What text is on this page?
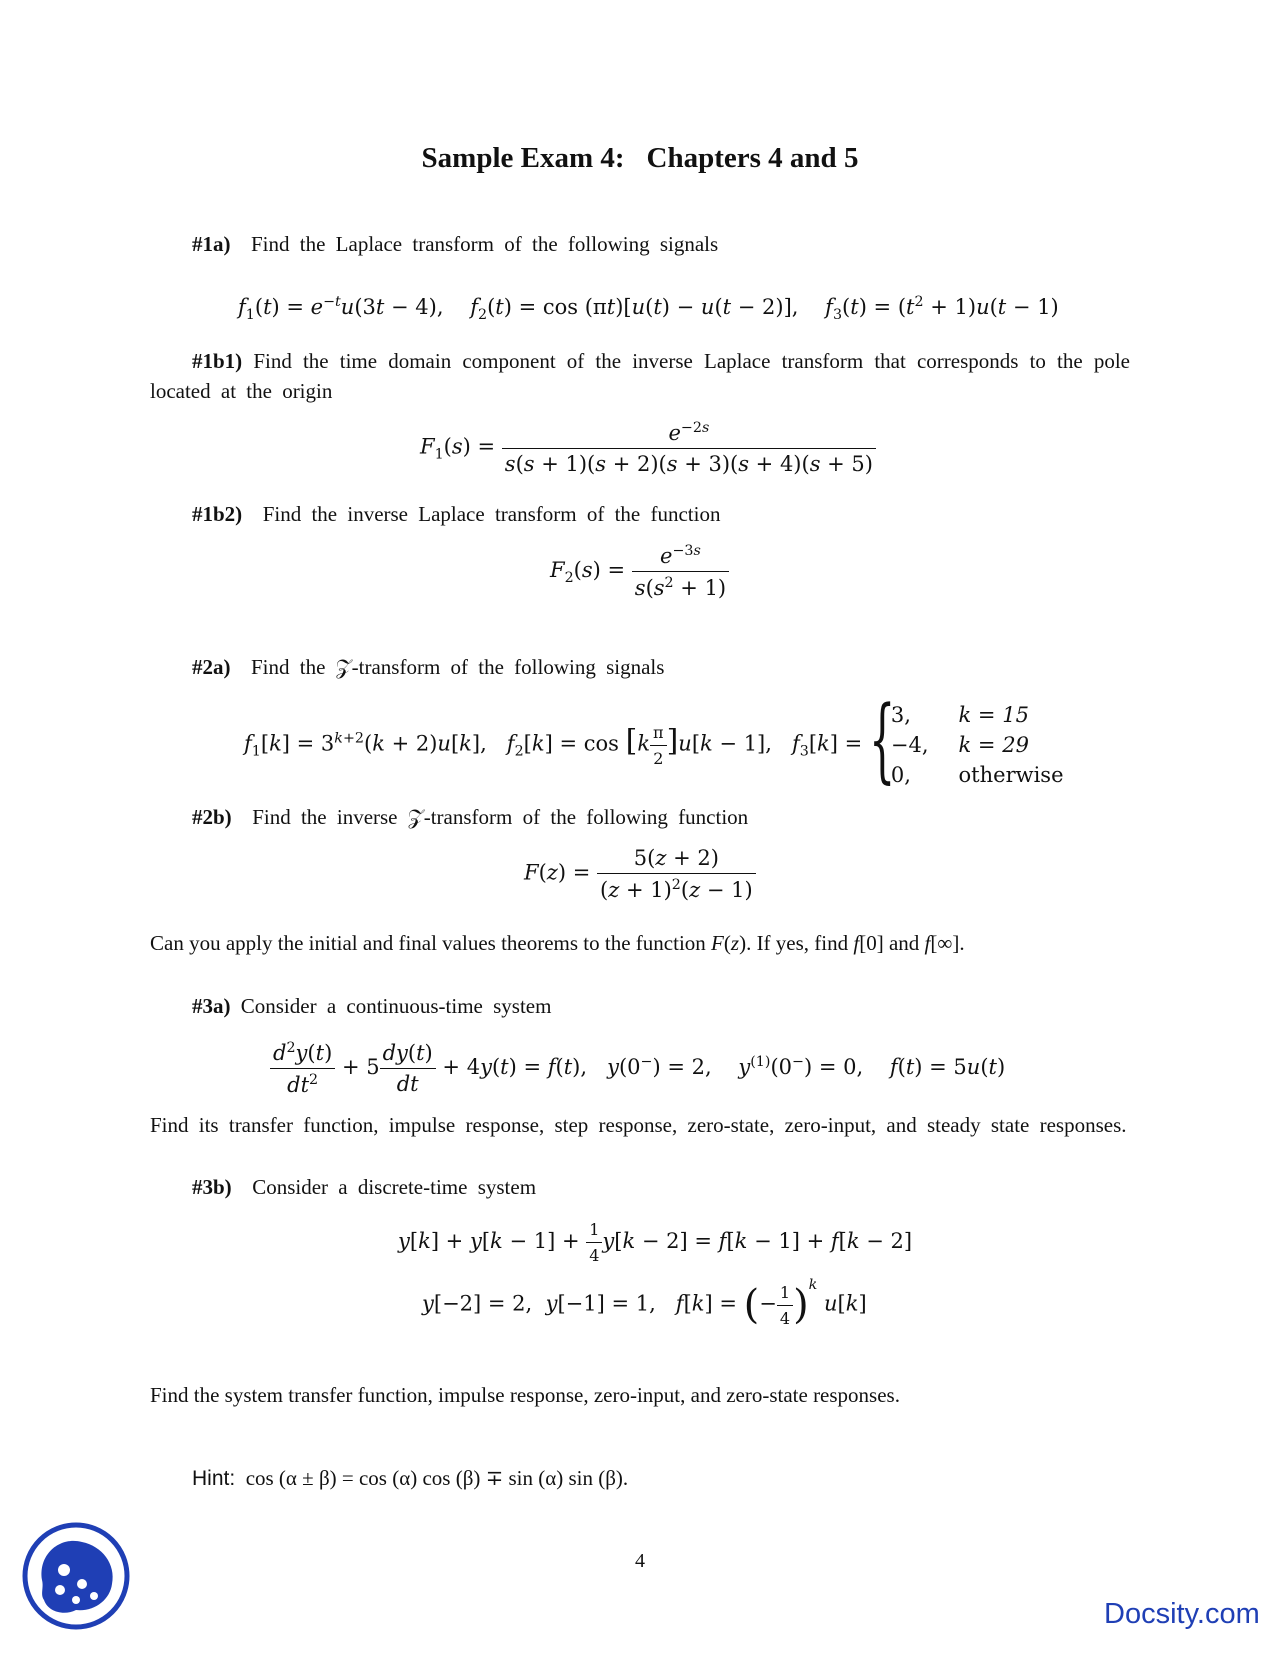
Sample Exam 4: Chapters 4 and 5
#1a) Find the Laplace transform of the following signals
$f_1(t) = e^{-t}u(3t - 4)$,    $f_2(t) = \cos (\pi t)[u(t) - u(t - 2)]$,    $f_3(t) = (t^2 + 1)u(t - 1)$
#1b1) Find the time domain component of the inverse Laplace transform that corresponds to the pole located at the origin
$F_1(s) = \frac{e^{-2s}}{s(s + 1)(s + 2)(s + 3)(s + 4)(s + 5)}$
#1b2) Find the inverse Laplace transform of the function
$F_2(s) = \frac{e^{-3s}}{s(s^2 + 1)}$
#2a) Find the 𝒵-transform of the following signals
$f_1[k] = 3^{k+2}(k + 2)u[k]$,   $f_2[k] = \cos [k \frac{\pi}{2} ]u[k - 1]$,   $f_3[k]$ = {
3,	k = 15
−4,	k = 29
0,	otherwise
#2b) Find the inverse 𝒵-transform of the following function
$F(z) = \frac{5(z + 2)}{(z + 1)^2(z - 1)}$
Can you apply the initial and final values theorems to the function F(z). If yes, find f[0] and f[∞].
#3a) Consider a continuous-time system
$\frac{d^2y(t)}{dt^2} + 5 \frac{dy(t)}{dt} + 4y(t) = f(t)$,   y(0−) = 2,    $y^{(1)}(0^-) = 0$,    f(t) = 5u(t)
Find its transfer function, impulse response, step response, zero-state, zero-input, and steady state responses.
#3b) Consider a discrete-time system
$y[k] + y[k - 1] + \frac{1}{4} y[k - 2] = f[k - 1] + f[k - 2]$
y[−2] = 2,  y[−1] = 1,   f[k] = (− $\frac{1}{4} )^k$ u[k]
Find the system transfer function, impulse response, zero-input, and zero-state responses.
Hint: cos (α ± β) = cos (α) cos (β) ∓ sin (α) sin (β).
4
Docsity.com
